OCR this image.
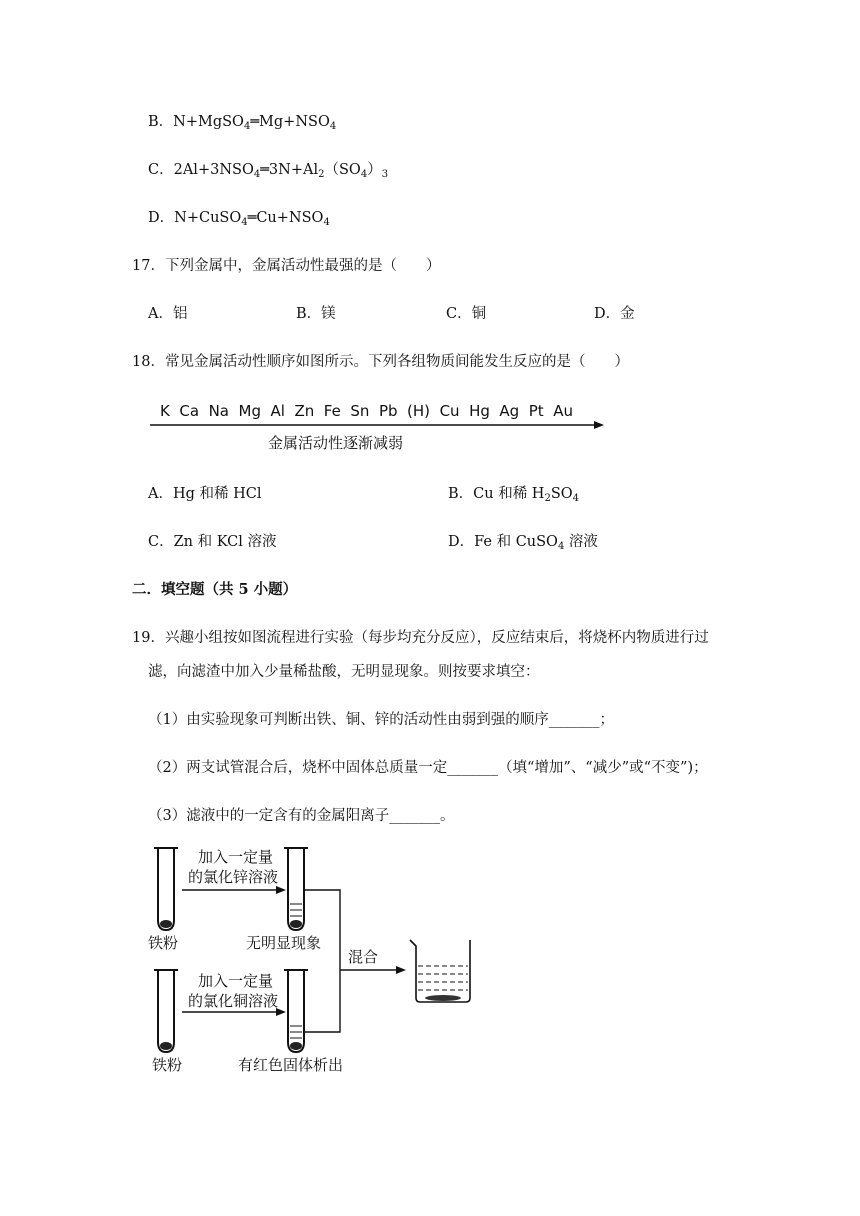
B．$N+MgSO_4═Mg+NSO_4$
C．$2Al+3NSO_4═3N+Al_2(SO_4)_3$
D．$N+CuSO_4═Cu+NSO_4$
17．下列金属中，金属活动性最强的是（　　）
A．铝	B．镁	C．铜	D．金
18．常见金属活动性顺序如图所示。下列各组物质间能发生反应的是（　　）
K  Ca  Na  Mg  Al  Zn  Fe  Sn  Pb  (H)  Cu  Hg  Ag  Pt  Au
金属活动性逐渐减弱
A．Hg 和稀 HCl	B．Cu 和稀 $H_2SO_4$
C．Zn 和 KCl 溶液	D．Fe 和 CuSO$_4$ 溶液
二．填空题（共 5 小题）
19．兴趣小组按如图流程进行实验（每步均充分反应），反应结束后，将烧杯内物质进行过
滤，向滤渣中加入少量稀盐酸，无明显现象。则按要求填空：
（1）由实验现象可判断出铁、铜、锌的活动性由弱到强的顺序_______；
（2）两支试管混合后，烧杯中固体总质量一定_______（填“增加”、“减少”或“不变”)；
（3）滤液中的一定含有的金属阳离子_______。
铁粉
加入一定量
的氯化锌溶液
无明显现象
铁粉
加入一定量
的氯化铜溶液
有红色固体析出
混合
